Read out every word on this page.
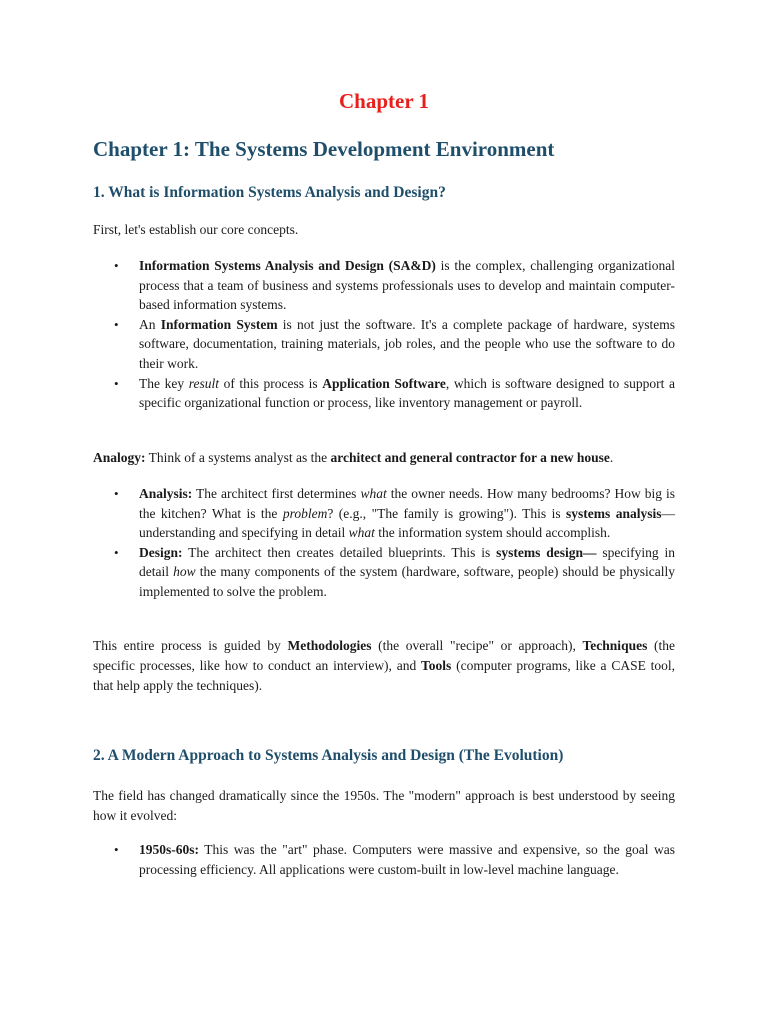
Chapter 1

Chapter 1: The Systems Development Environment
1. What is Information Systems Analysis and Design?

First, let's establish our core concepts.

• Information Systems Analysis and Design (SA&D) is the complex, challenging organizational process that a team of business and systems professionals uses to develop and maintain computer-based information systems.
• An Information System is not just the software. It's a complete package of hardware, systems software, documentation, training materials, job roles, and the people who use the software to do their work.
• The key result of this process is Application Software, which is software designed to support a specific organizational function or process, like inventory management or payroll.

Analogy: Think of a systems analyst as the architect and general contractor for a new house.

• Analysis: The architect first determines what the owner needs. How many bedrooms? How big is the kitchen? What is the problem? (e.g., "The family is growing"). This is systems analysis—understanding and specifying in detail what the information system should accomplish.
• Design: The architect then creates detailed blueprints. This is systems design— specifying in detail how the many components of the system (hardware, software, people) should be physically implemented to solve the problem.

This entire process is guided by Methodologies (the overall "recipe" or approach), Techniques (the specific processes, like how to conduct an interview), and Tools (computer programs, like a CASE tool, that help apply the techniques).

2. A Modern Approach to Systems Analysis and Design (The Evolution)

The field has changed dramatically since the 1950s. The "modern" approach is best understood by seeing how it evolved:

• 1950s-60s: This was the "art" phase. Computers were massive and expensive, so the goal was processing efficiency. All applications were custom-built in low-level machine language.
